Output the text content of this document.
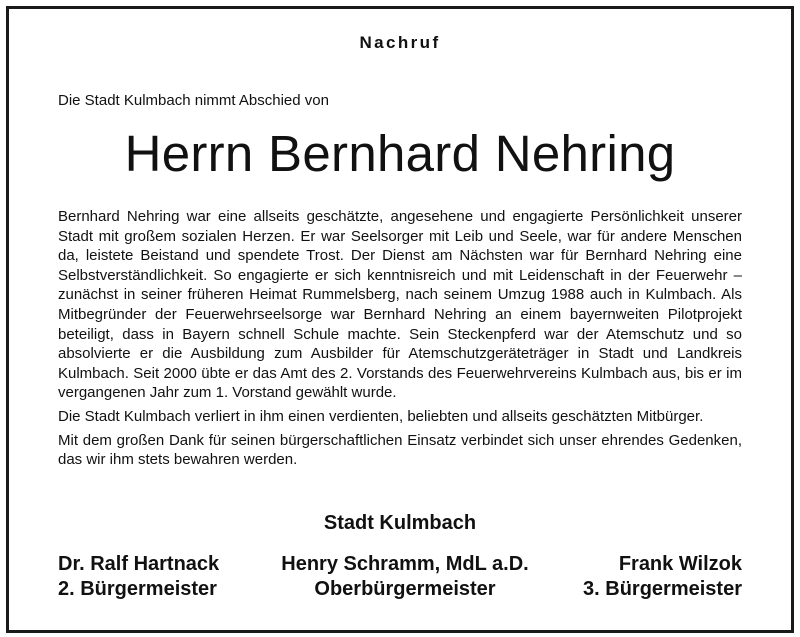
Nachruf
Die Stadt Kulmbach nimmt Abschied von
Herrn Bernhard Nehring

Bernhard Nehring war eine allseits geschätzte, angesehene und engagierte Persönlichkeit unserer Stadt mit großem sozialen Herzen. Er war Seelsorger mit Leib und Seele, war für andere Menschen da, leistete Beistand und spendete Trost. Der Dienst am Nächsten war für Bernhard Nehring eine Selbstverständlichkeit. So engagierte er sich kenntnisreich und mit Leidenschaft in der Feuerwehr – zunächst in seiner früheren Heimat Rummelsberg, nach seinem Umzug 1988 auch in Kulmbach. Als Mitbegründer der Feuerwehrseelsorge war Bernhard Nehring an einem bayernweiten Pilotprojekt beteiligt, dass in Bayern schnell Schule machte. Sein Steckenpferd war der Atemschutz und so absolvierte er die Ausbildung zum Ausbilder für Atemschutzgeräteträger in Stadt und Landkreis Kulmbach. Seit 2000 übte er das Amt des 2. Vorstands des Feuerwehrvereins Kulmbach aus, bis er im vergangenen Jahr zum 1. Vorstand gewählt wurde.

Die Stadt Kulmbach verliert in ihm einen verdienten, beliebten und allseits geschätzten Mitbürger.

Mit dem großen Dank für seinen bürgerschaftlichen Einsatz verbindet sich unser ehrendes Gedenken, das wir ihm stets bewahren werden.

Stadt Kulmbach
Dr. Ralf Hartnack
2. Bürgermeister
Henry Schramm, MdL a.D.
Oberbürgermeister
Frank Wilzok
3. Bürgermeister
